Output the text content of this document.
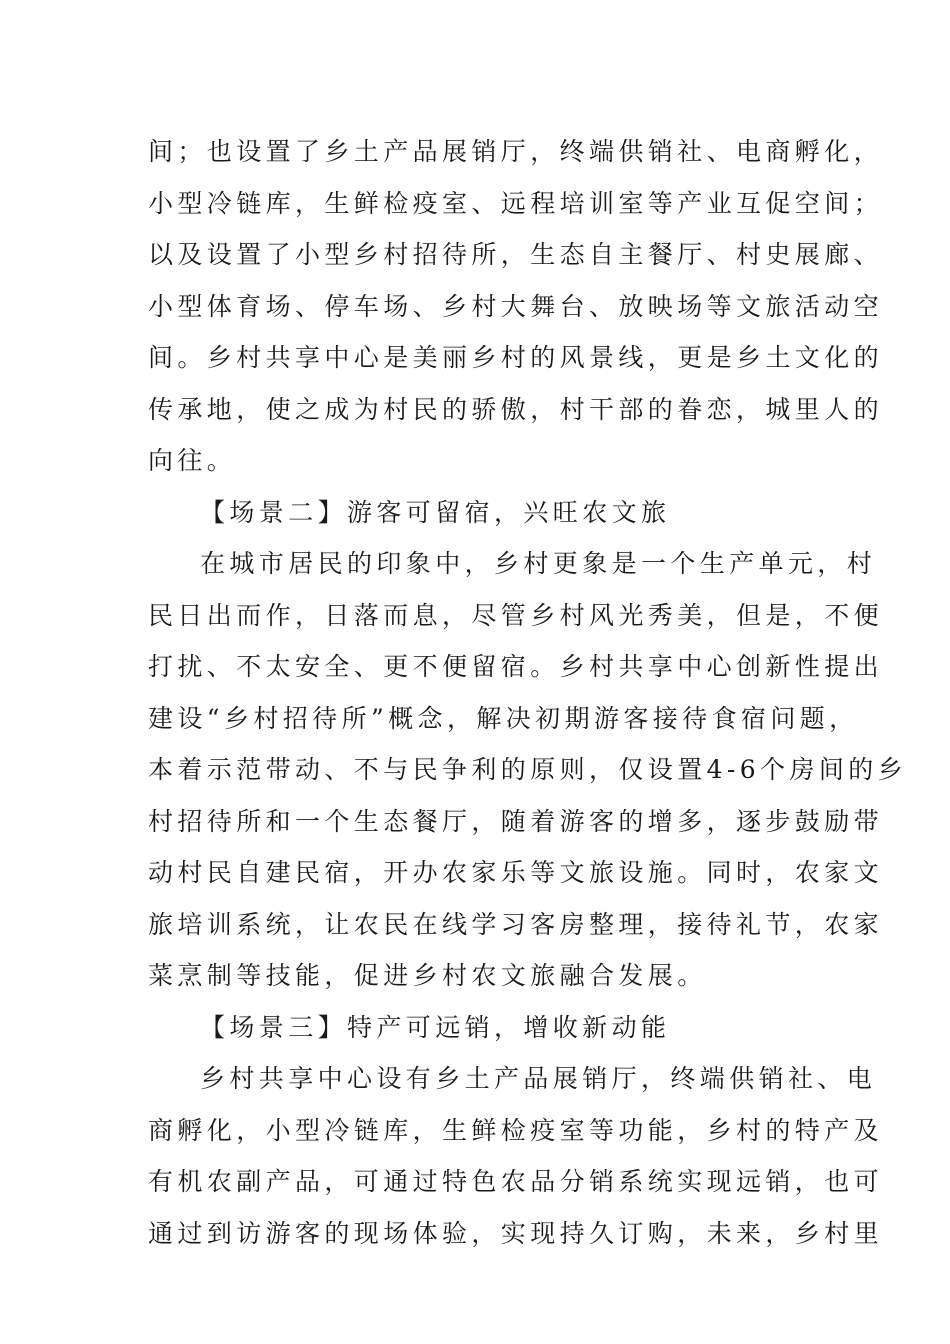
间；也设置了乡土产品展销厅，终端供销社、电商孵化，
小型冷链库，生鲜检疫室、远程培训室等产业互促空间；
以及设置了小型乡村招待所，生态自主餐厅、村史展廊、
小型体育场、停车场、乡村大舞台、放映场等文旅活动空
间。乡村共享中心是美丽乡村的风景线，更是乡土文化的
传承地，使之成为村民的骄傲，村干部的眷恋，城里人的
向往。
【场景二】游客可留宿，兴旺农文旅
在城市居民的印象中，乡村更象是一个生产单元，村
民日出而作，日落而息，尽管乡村风光秀美，但是，不便
打扰、不太安全、更不便留宿。乡村共享中心创新性提出
建设“乡村招待所”概念，解决初期游客接待食宿问题，
本着示范带动、不与民争利的原则，仅设置4-6个房间的乡
村招待所和一个生态餐厅，随着游客的增多，逐步鼓励带
动村民自建民宿，开办农家乐等文旅设施。同时，农家文
旅培训系统，让农民在线学习客房整理，接待礼节，农家
菜烹制等技能，促进乡村农文旅融合发展。
【场景三】特产可远销，增收新动能
乡村共享中心设有乡土产品展销厅，终端供销社、电
商孵化，小型冷链库，生鲜检疫室等功能，乡村的特产及
有机农副产品，可通过特色农品分销系统实现远销，也可
通过到访游客的现场体验，实现持久订购，未来，乡村里
